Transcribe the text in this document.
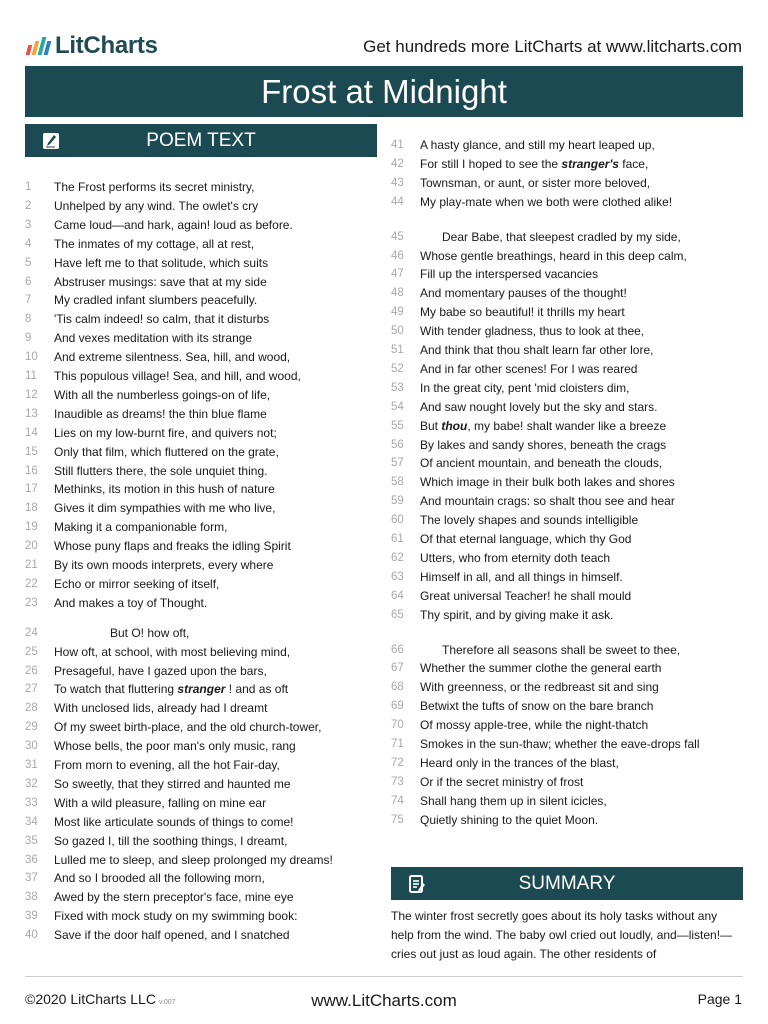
LitCharts	Get hundreds more LitCharts at www.litcharts.com
Frost at Midnight
POEM TEXT
1	The Frost performs its secret ministry,
2	Unhelped by any wind. The owlet's cry
3	Came loud—and hark, again! loud as before.
4	The inmates of my cottage, all at rest,
5	Have left me to that solitude, which suits
6	Abstruser musings: save that at my side
7	My cradled infant slumbers peacefully.
8	'Tis calm indeed! so calm, that it disturbs
9	And vexes meditation with its strange
10	And extreme silentness. Sea, hill, and wood,
11	This populous village! Sea, and hill, and wood,
12	With all the numberless goings-on of life,
13	Inaudible as dreams! the thin blue flame
14	Lies on my low-burnt fire, and quivers not;
15	Only that film, which fluttered on the grate,
16	Still flutters there, the sole unquiet thing.
17	Methinks, its motion in this hush of nature
18	Gives it dim sympathies with me who live,
19	Making it a companionable form,
20	Whose puny flaps and freaks the idling Spirit
21	By its own moods interprets, every where
22	Echo or mirror seeking of itself,
23	And makes a toy of Thought.
24	But O! how oft,
25	How oft, at school, with most believing mind,
26	Presageful, have I gazed upon the bars,
27	To watch that fluttering stranger ! and as oft
28	With unclosed lids, already had I dreamt
29	Of my sweet birth-place, and the old church-tower,
30	Whose bells, the poor man's only music, rang
31	From morn to evening, all the hot Fair-day,
32	So sweetly, that they stirred and haunted me
33	With a wild pleasure, falling on mine ear
34	Most like articulate sounds of things to come!
35	So gazed I, till the soothing things, I dreamt,
36	Lulled me to sleep, and sleep prolonged my dreams!
37	And so I brooded all the following morn,
38	Awed by the stern preceptor's face, mine eye
39	Fixed with mock study on my swimming book:
40	Save if the door half opened, and I snatched
41	A hasty glance, and still my heart leaped up,
42	For still I hoped to see the stranger's face,
43	Townsman, or aunt, or sister more beloved,
44	My play-mate when we both were clothed alike!
45	Dear Babe, that sleepest cradled by my side,
46	Whose gentle breathings, heard in this deep calm,
47	Fill up the interspersed vacancies
48	And momentary pauses of the thought!
49	My babe so beautiful! it thrills my heart
50	With tender gladness, thus to look at thee,
51	And think that thou shalt learn far other lore,
52	And in far other scenes! For I was reared
53	In the great city, pent 'mid cloisters dim,
54	And saw nought lovely but the sky and stars.
55	But thou, my babe! shalt wander like a breeze
56	By lakes and sandy shores, beneath the crags
57	Of ancient mountain, and beneath the clouds,
58	Which image in their bulk both lakes and shores
59	And mountain crags: so shalt thou see and hear
60	The lovely shapes and sounds intelligible
61	Of that eternal language, which thy God
62	Utters, who from eternity doth teach
63	Himself in all, and all things in himself.
64	Great universal Teacher! he shall mould
65	Thy spirit, and by giving make it ask.
66	Therefore all seasons shall be sweet to thee,
67	Whether the summer clothe the general earth
68	With greenness, or the redbreast sit and sing
69	Betwixt the tufts of snow on the bare branch
70	Of mossy apple-tree, while the night-thatch
71	Smokes in the sun-thaw; whether the eave-drops fall
72	Heard only in the trances of the blast,
73	Or if the secret ministry of frost
74	Shall hang them up in silent icicles,
75	Quietly shining to the quiet Moon.
SUMMARY
The winter frost secretly goes about its holy tasks without any help from the wind. The baby owl cried out loudly, and—listen!—cries out just as loud again. The other residents of
©2020 LitCharts LLC v.007	www.LitCharts.com	Page 1
